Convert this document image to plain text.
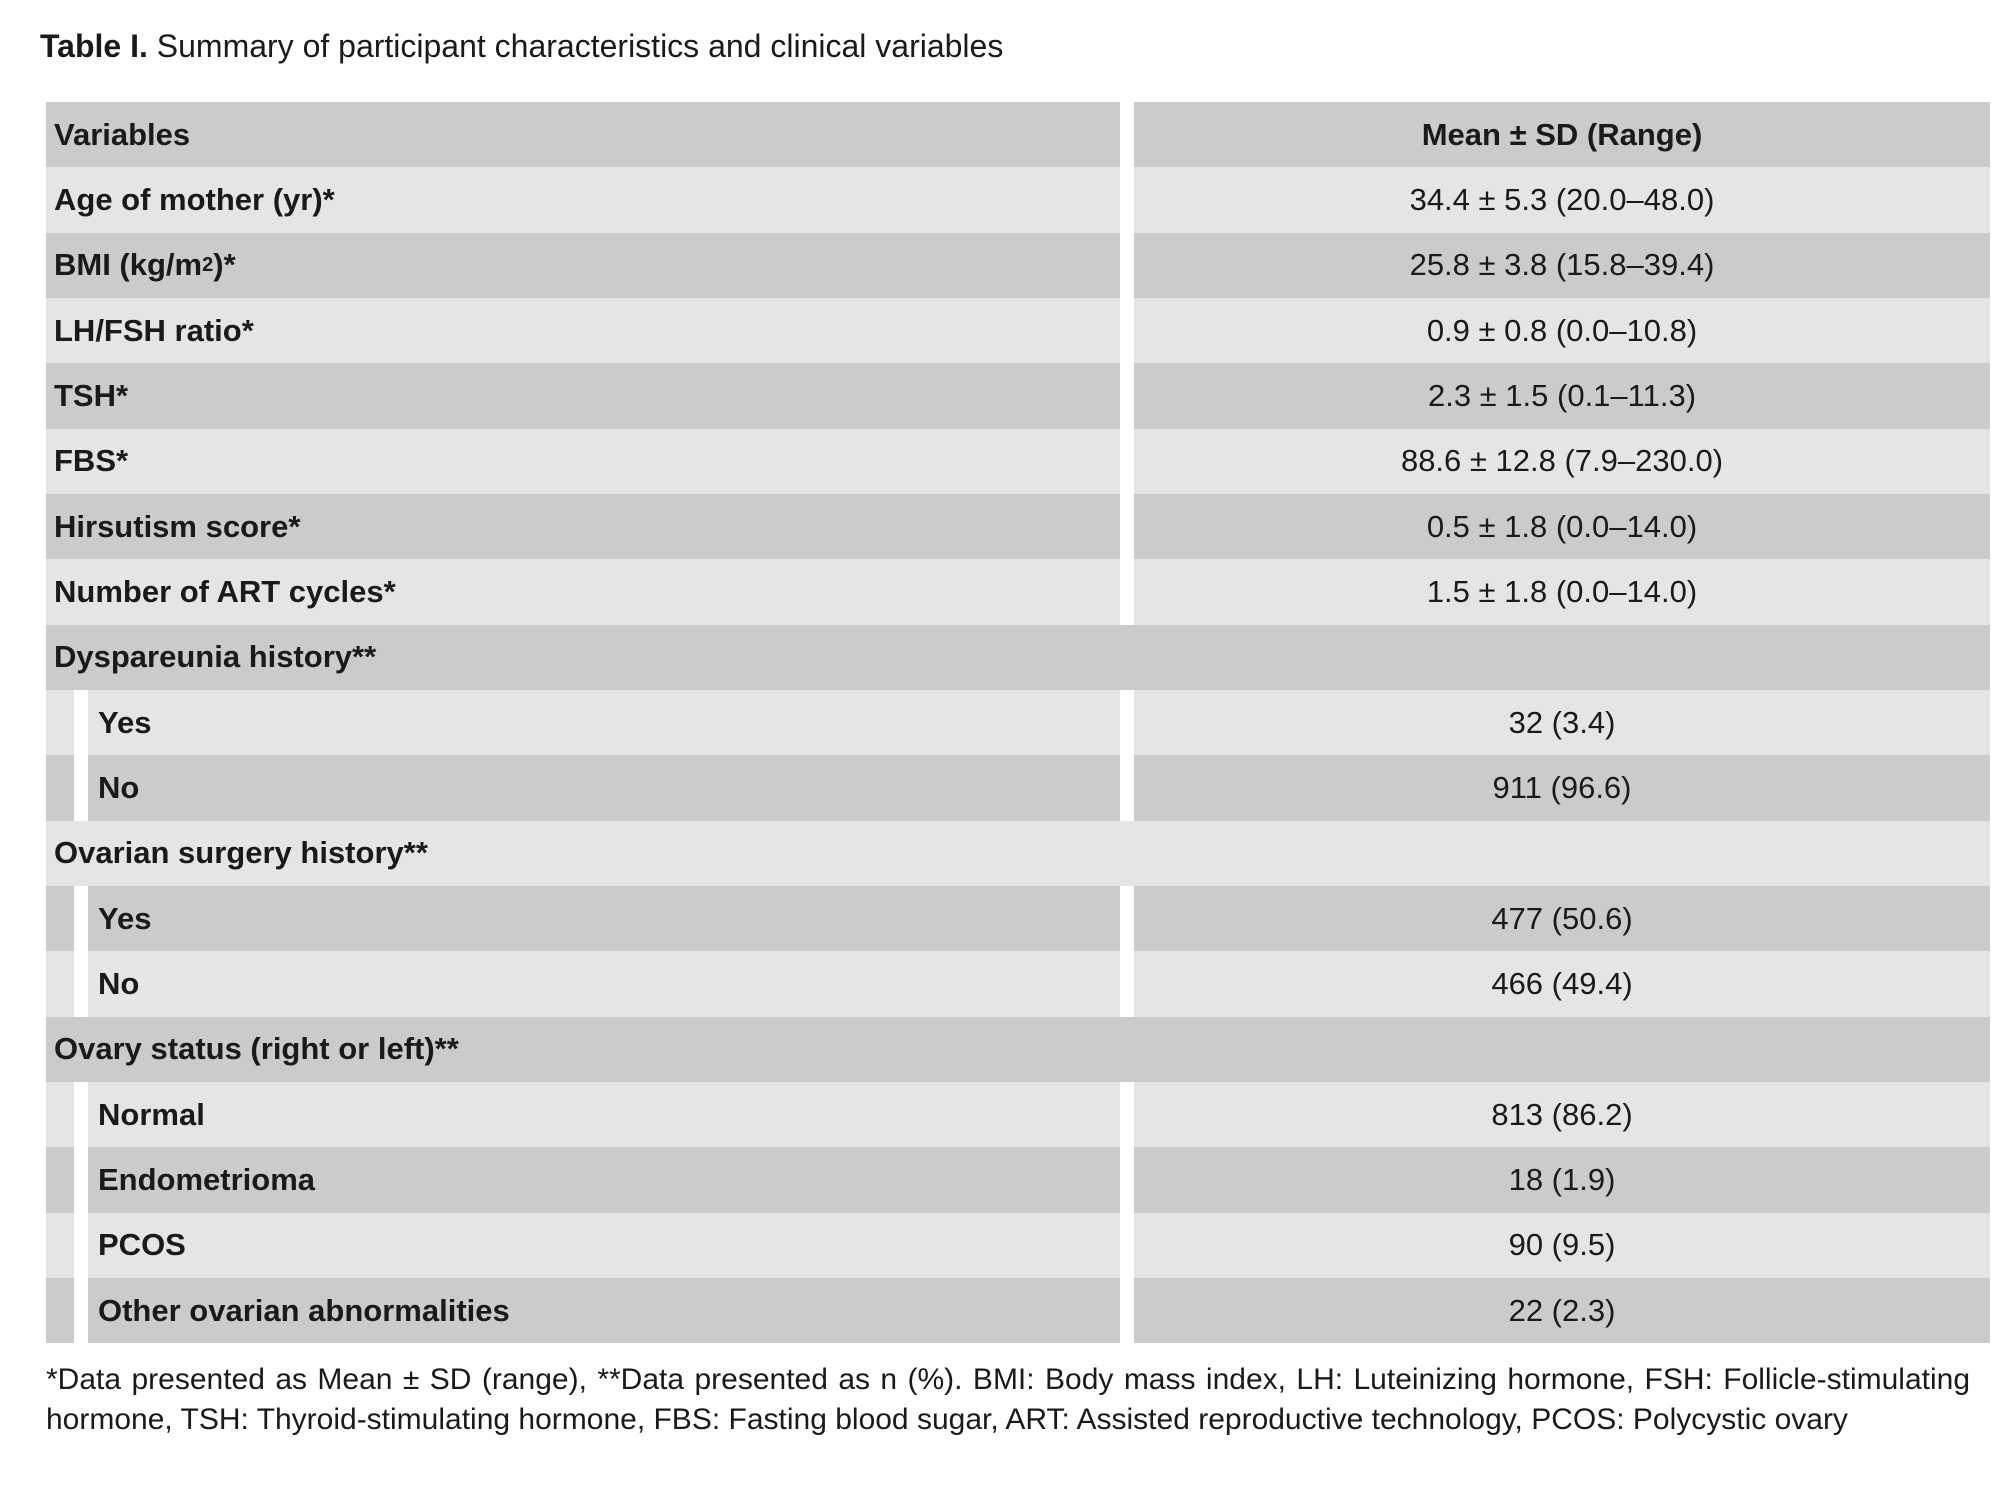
Table I. Summary of participant characteristics and clinical variables
Variables	Mean ± SD (Range)
Age of mother (yr)*	34.4 ± 5.3 (20.0–48.0)
BMI (kg/m 2 )*	25.8 ± 3.8 (15.8–39.4)
LH/FSH ratio*	0.9 ± 0.8 (0.0–10.8)
TSH*	2.3 ± 1.5 (0.1–11.3)
FBS*	88.6 ± 12.8 (7.9–230.0)
Hirsutism score*	0.5 ± 1.8 (0.0–14.0)
Number of ART cycles*	1.5 ± 1.8 (0.0–14.0)
Dyspareunia history**
Yes	32 (3.4)
No	911 (96.6)
Ovarian surgery history**
Yes	477 (50.6)
No	466 (49.4)
Ovary status (right or left)**
Normal	813 (86.2)
Endometrioma	18 (1.9)
PCOS	90 (9.5)
Other ovarian abnormalities	22 (2.3)
*Data presented as Mean ± SD (range), **Data presented as n (%). BMI: Body mass index, LH: Luteinizing hormone, FSH: Follicle-stimulating hormone, TSH: Thyroid-stimulating hormone, FBS: Fasting blood sugar, ART: Assisted reproductive technology, PCOS: Polycystic ovary
